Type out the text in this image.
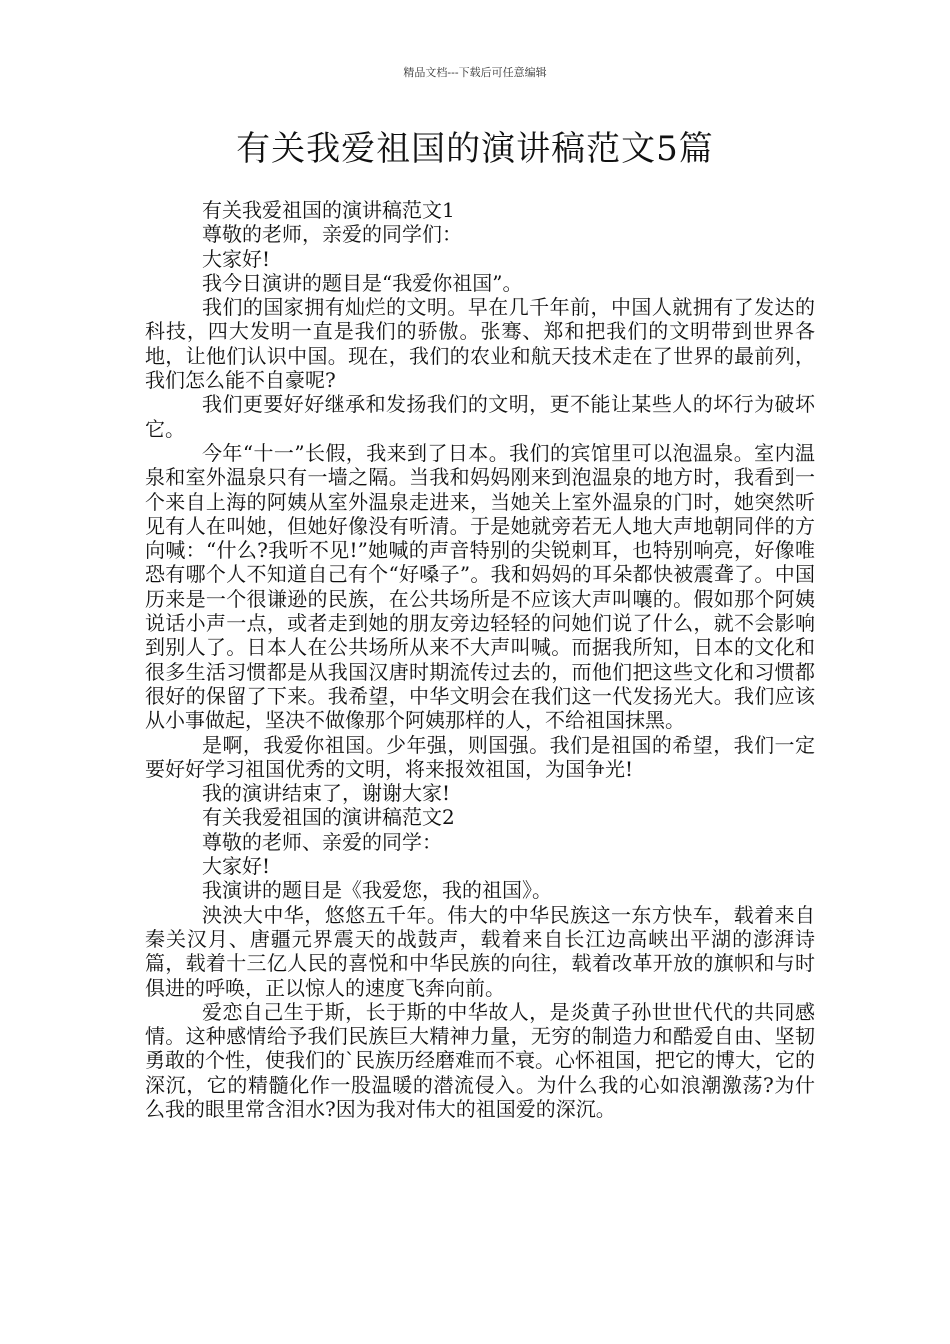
精品文档---下载后可任意编辑
有关我爱祖国的演讲稿范文5篇

有关我爱祖国的演讲稿范文1

尊敬的老师，亲爱的同学们：

大家好!

我今日演讲的题目是“我爱你祖国”。

我们的国家拥有灿烂的文明。早在几千年前，中国人就拥有了发达的科技，四大发明一直是我们的骄傲。张骞、郑和把我们的文明带到世界各地，让他们认识中国。现在，我们的农业和航天技术走在了世界的最前列，我们怎么能不自豪呢?

我们更要好好继承和发扬我们的文明，更不能让某些人的坏行为破坏它。

今年“十一”长假，我来到了日本。我们的宾馆里可以泡温泉。室内温泉和室外温泉只有一墙之隔。当我和妈妈刚来到泡温泉的地方时，我看到一个来自上海的阿姨从室外温泉走进来，当她关上室外温泉的门时，她突然听见有人在叫她，但她好像没有听清。于是她就旁若无人地大声地朝同伴的方向喊：“什么?我听不见!”她喊的声音特别的尖锐刺耳，也特别响亮，好像唯恐有哪个人不知道自己有个“好嗓子”。我和妈妈的耳朵都快被震聋了。中国历来是一个很谦逊的民族，在公共场所是不应该大声叫嚷的。假如那个阿姨说话小声一点，或者走到她的朋友旁边轻轻的问她们说了什么，就不会影响到别人了。日本人在公共场所从来不大声叫喊。而据我所知，日本的文化和很多生活习惯都是从我国汉唐时期流传过去的，而他们把这些文化和习惯都很好的保留了下来。我希望，中华文明会在我们这一代发扬光大。我们应该从小事做起，坚决不做像那个阿姨那样的人，不给祖国抹黑。

是啊，我爱你祖国。少年强，则国强。我们是祖国的希望，我们一定要好好学习祖国优秀的文明，将来报效祖国，为国争光!

我的演讲结束了，谢谢大家!

有关我爱祖国的演讲稿范文2

尊敬的老师、亲爱的同学：

大家好!

我演讲的题目是《我爱您，我的祖国》。

泱泱大中华，悠悠五千年。伟大的中华民族这一东方快车，载着来自秦关汉月、唐疆元界震天的战鼓声，载着来自长江边高峡出平湖的澎湃诗篇，载着十三亿人民的喜悦和中华民族的向往，载着改革开放的旗帜和与时俱进的呼唤，正以惊人的速度飞奔向前。

爱恋自己生于斯，长于斯的中华故人，是炎黄子孙世世代代的共同感情。这种感情给予我们民族巨大精神力量，无穷的制造力和酷爱自由、坚韧勇敢的个性，使我们的`民族历经磨难而不衰。心怀祖国，把它的博大，它的深沉，它的精髓化作一股温暖的潜流侵入。为什么我的心如浪潮激荡?为什么我的眼里常含泪水?因为我对伟大的祖国爱的深沉。
